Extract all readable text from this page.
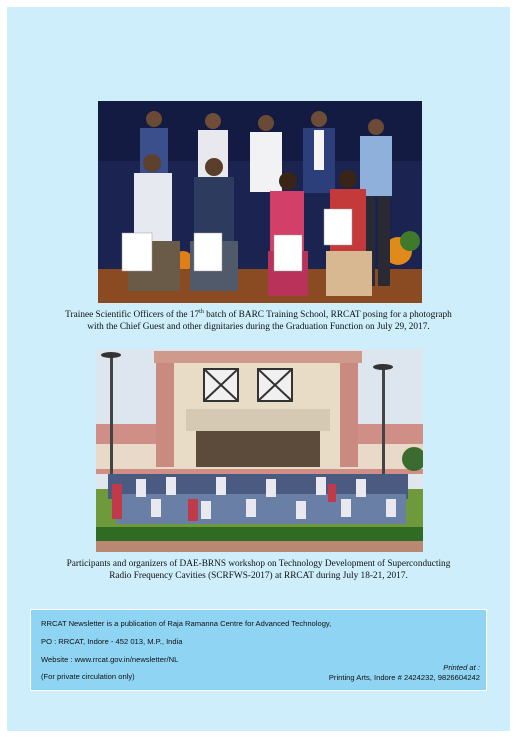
Trainee Scientific Officers of the 17th batch of BARC Training School, RRCAT posing for a photograph
with the Chief Guest and other dignitaries during the Graduation Function on July 29, 2017.
Participants and organizers of DAE-BRNS workshop on Technology Development of Superconducting
Radio Frequency Cavities (SCRFWS-2017) at RRCAT during July 18-21, 2017.
RRCAT Newsletter is a publication of Raja Ramanna Centre for Advanced Technology,
PO : RRCAT, Indore - 452 013, M.P., India
Website : www.rrcat.gov.in/newsletter/NL
(For private circulation only)
Printed at :
Printing Arts, Indore # 2424232, 9826604242
